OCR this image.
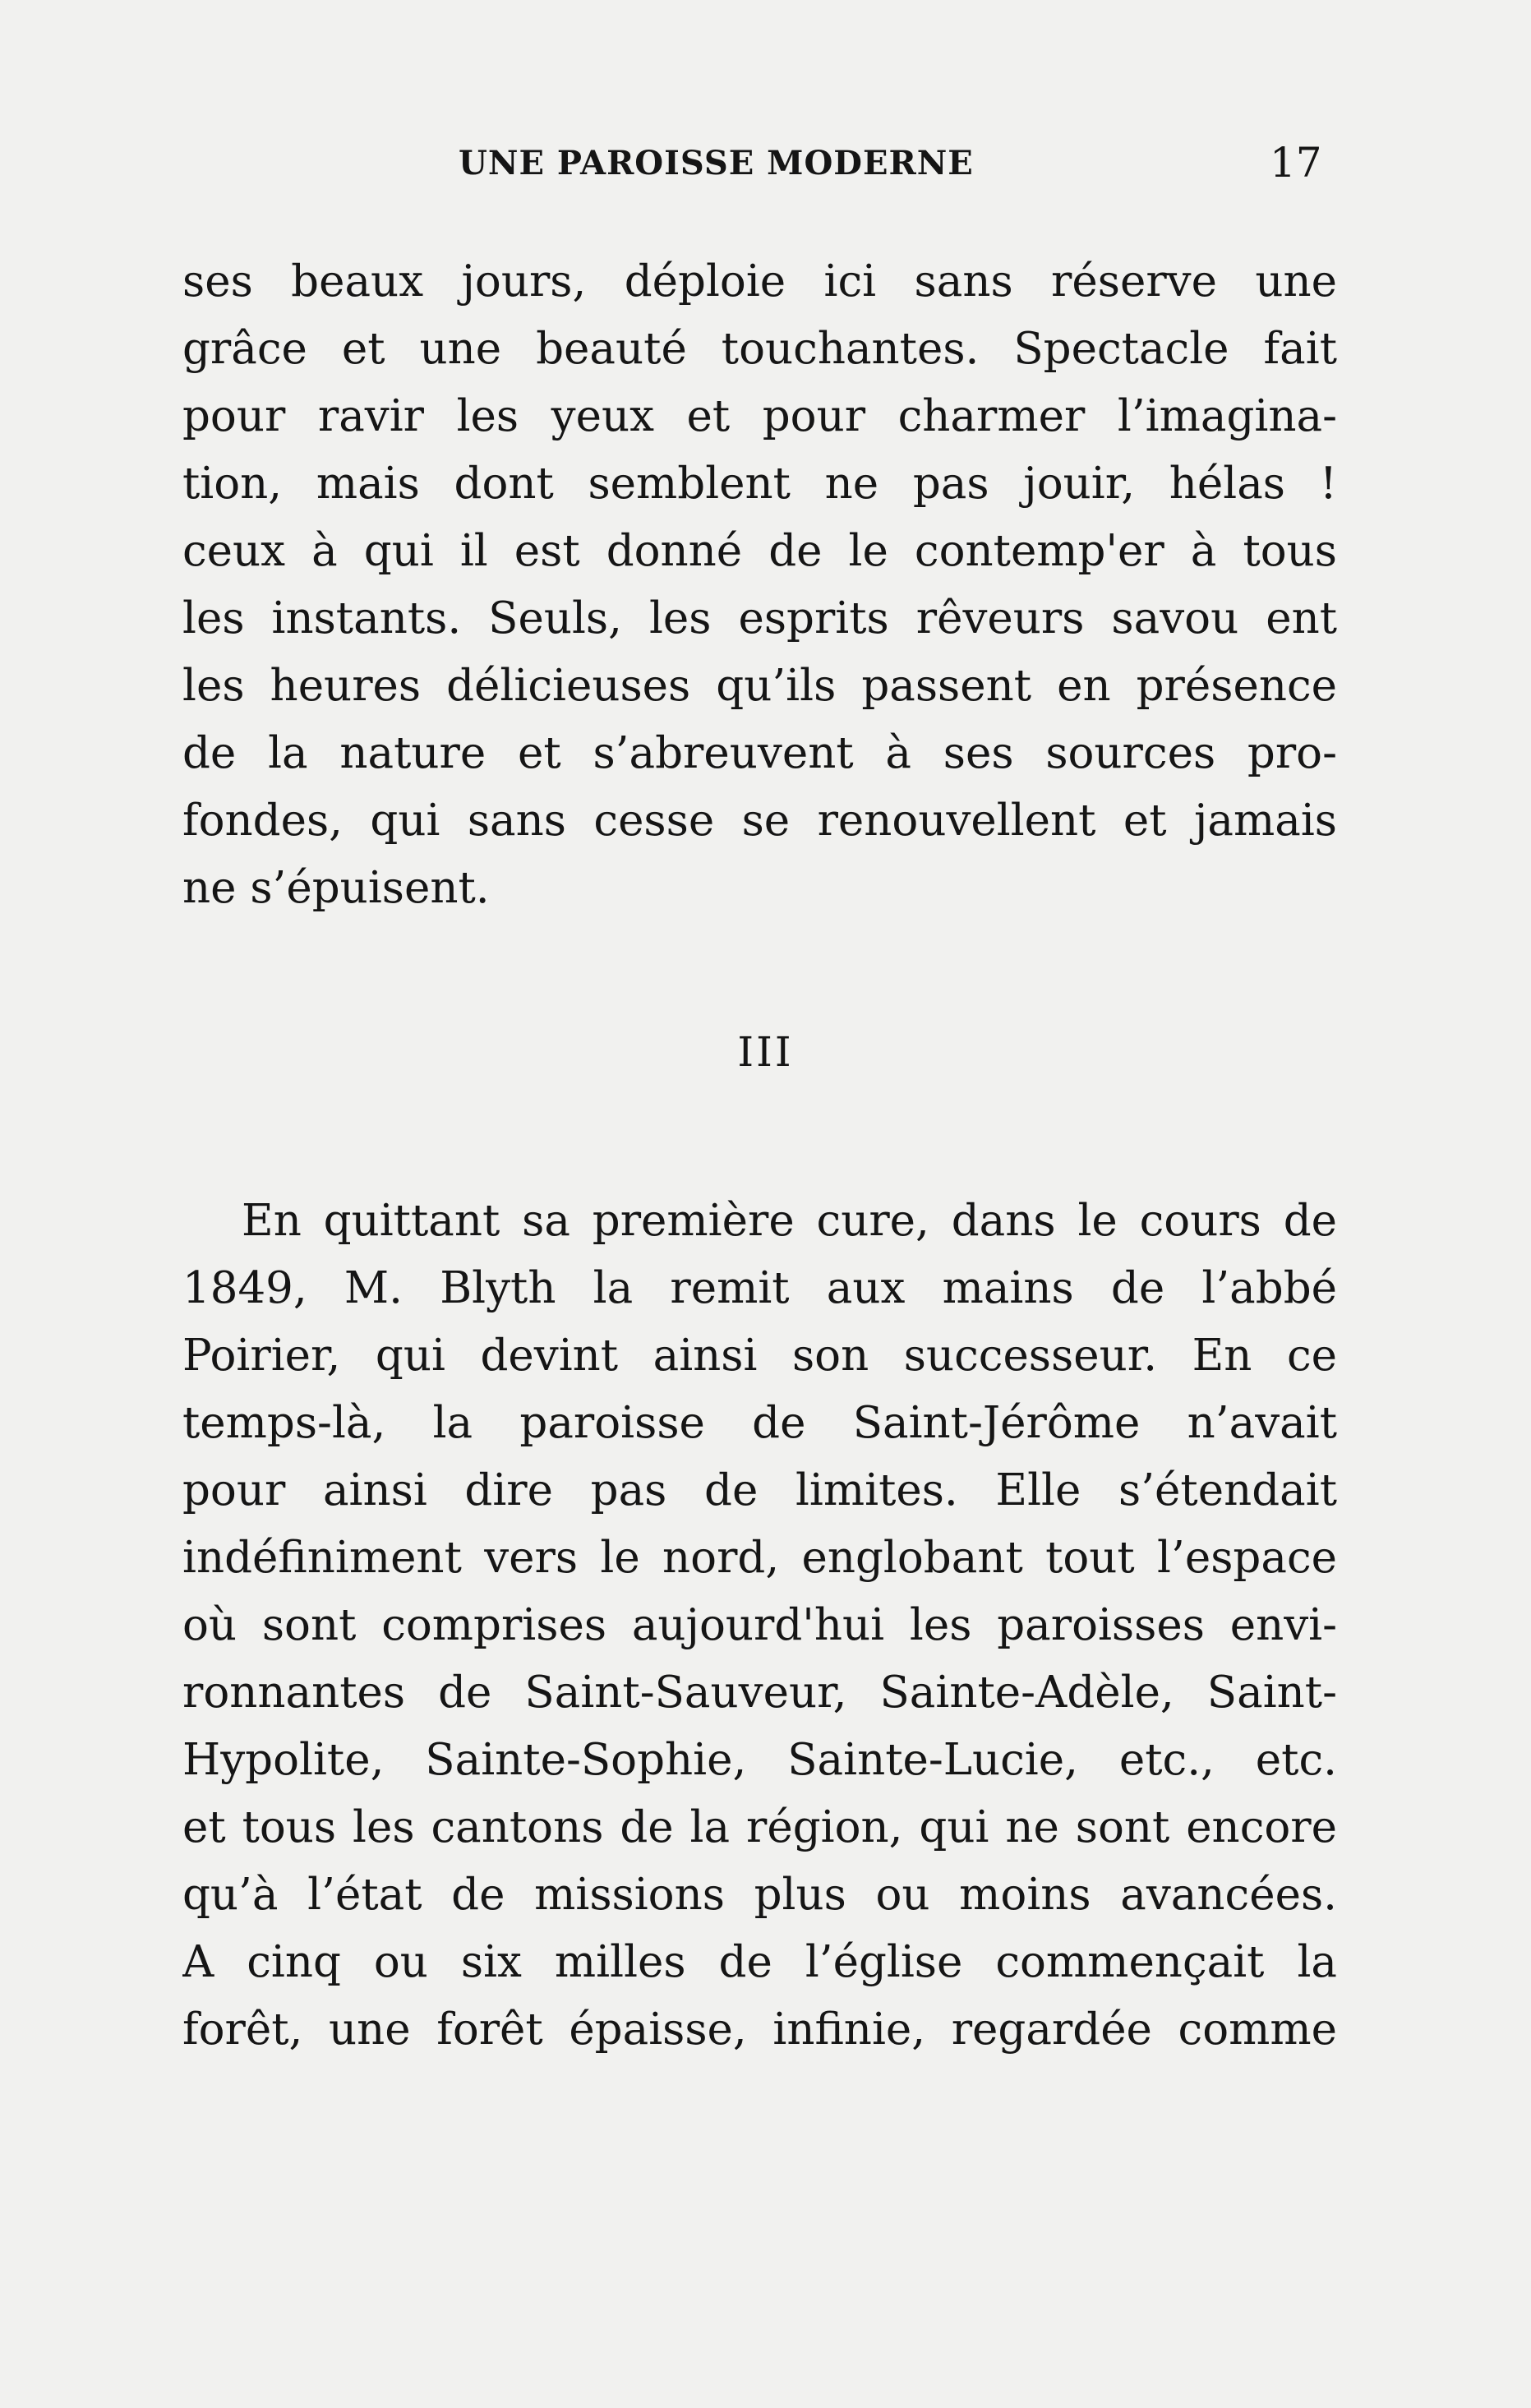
UNE PAROISSE MODERNE	17
ses beaux jours, déploie ici sans réserve une
grâce et une beauté touchantes. Spectacle fait
pour ravir les yeux et pour charmer l’imagina-
tion, mais dont semblent ne pas jouir, hélas !
ceux à qui il est donné de le contemp'er à tous
les instants. Seuls, les esprits rêveurs savou ent
les heures délicieuses qu’ils passent en présence
de la nature et s’abreuvent à ses sources pro-
fondes, qui sans cesse se renouvellent et jamais
ne s’épuisent.
III
En quittant sa première cure, dans le cours de
1849, M. Blyth la remit aux mains de l’abbé
Poirier, qui devint ainsi son successeur. En ce
temps-là, la paroisse de Saint-Jérôme n’avait
pour ainsi dire pas de limites. Elle s’étendait
indéfiniment vers le nord, englobant tout l’espace
où sont comprises aujourd'hui les paroisses envi-
ronnantes de Saint-Sauveur, Sainte-Adèle, Saint-
Hypolite, Sainte-Sophie, Sainte-Lucie, etc., etc.
et tous les cantons de la région, qui ne sont encore
qu’à l’état de missions plus ou moins avancées.
A cinq ou six milles de l’église commençait la
forêt, une forêt épaisse, infinie, regardée comme
